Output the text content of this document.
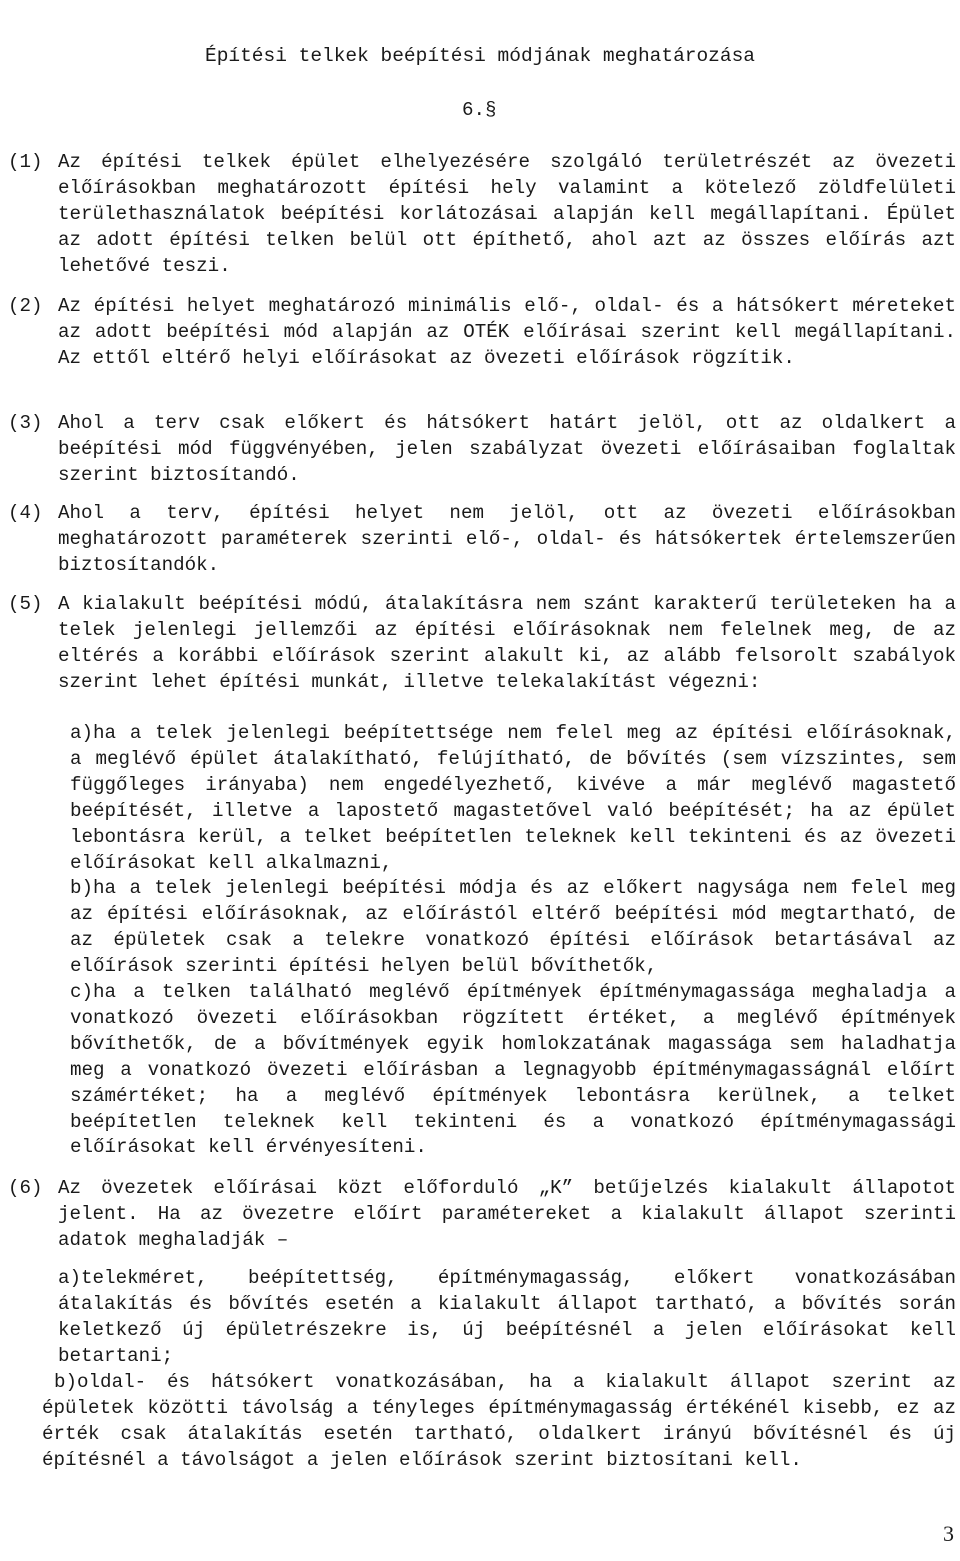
Építési telkek beépítési módjának meghatározása
6.§
(1) Az építési telkek épület elhelyezésére szolgáló területrészét az övezeti előírásokban meghatározott építési hely valamint a kötelező zöldfelületi területhasználatok beépítési korlátozásai alapján kell megállapítani. Épület az adott építési telken belül ott építhető, ahol azt az összes előírás azt lehetővé teszi.
(2) Az építési helyet meghatározó minimális elő-, oldal- és a hátsókert méreteket az adott beépítési mód alapján az OTÉK előírásai szerint kell megállapítani. Az ettől eltérő helyi előírásokat az övezeti előírások rögzítik.
(3) Ahol a terv csak előkert és hátsókert határt jelöl, ott az oldalkert a beépítési mód függvényében, jelen szabályzat övezeti előírásaiban foglaltak szerint biztosítandó.
(4) Ahol a terv, építési helyet nem jelöl, ott az övezeti előírásokban meghatározott paraméterek szerinti elő-, oldal- és hátsókertek értelemszerűen biztosítandók.
(5) A kialakult beépítési módú, átalakításra nem szánt karakterű területeken ha a telek jelenlegi jellemzői az építési előírásoknak nem felelnek meg, de az eltérés a korábbi előírások szerint alakult ki, az alább felsorolt szabályok szerint lehet építési munkát, illetve telekalakítást végezni:

a)ha a telek jelenlegi beépítettsége nem felel meg az építési előírásoknak, a meglévő épület átalakítható, felújítható, de bővítés (sem vízszintes, sem függőleges irányaba) nem engedélyezhető, kivéve a már meglévő magastető beépítését, illetve a lapostető magastetővel való beépítését; ha az épület lebontásra kerül, a telket beépítetlen teleknek kell tekinteni és az övezeti előírásokat kell alkalmazni,

b)ha a telek jelenlegi beépítési módja és az előkert nagysága nem felel meg az építési előírásoknak, az előírástól eltérő beépítési mód megtartható, de az épületek csak a telekre vonatkozó építési előírások betartásával az előírások szerinti építési helyen belül bővíthetők,

c)ha a telken található meglévő építmények építménymagassága meghaladja a vonatkozó övezeti előírásokban rögzített értéket, a meglévő építmények bővíthetők, de a bővítmények egyik homlokzatának magassága sem haladhatja meg a vonatkozó övezeti előírásban a legnagyobb építménymagasságnál előírt számértéket; ha a meglévő építmények lebontásra kerülnek, a telket beépítetlen teleknek kell tekinteni és a vonatkozó építménymagassági előírásokat kell érvényesíteni.

(6) Az övezetek előírásai közt előforduló „K” betűjelzés kialakult állapotot jelent. Ha az övezetre előírt paramétereket a kialakult állapot szerinti adatok meghaladják –

a)telekméret, beépítettség, építménymagasság, előkert vonatkozásában átalakítás és bővítés esetén a kialakult állapot tartható, a bővítés során keletkező új épületrészekre is, új beépítésnél a jelen előírásokat kell betartani;

b)oldal- és hátsókert vonatkozásában, ha a kialakult állapot szerint az épületek közötti távolság a tényleges építménymagasság értékénél kisebb, ez az érték csak átalakítás esetén tartható, oldalkert irányú bővítésnél és új építésnél a távolságot a jelen előírások szerint biztosítani kell.

3
